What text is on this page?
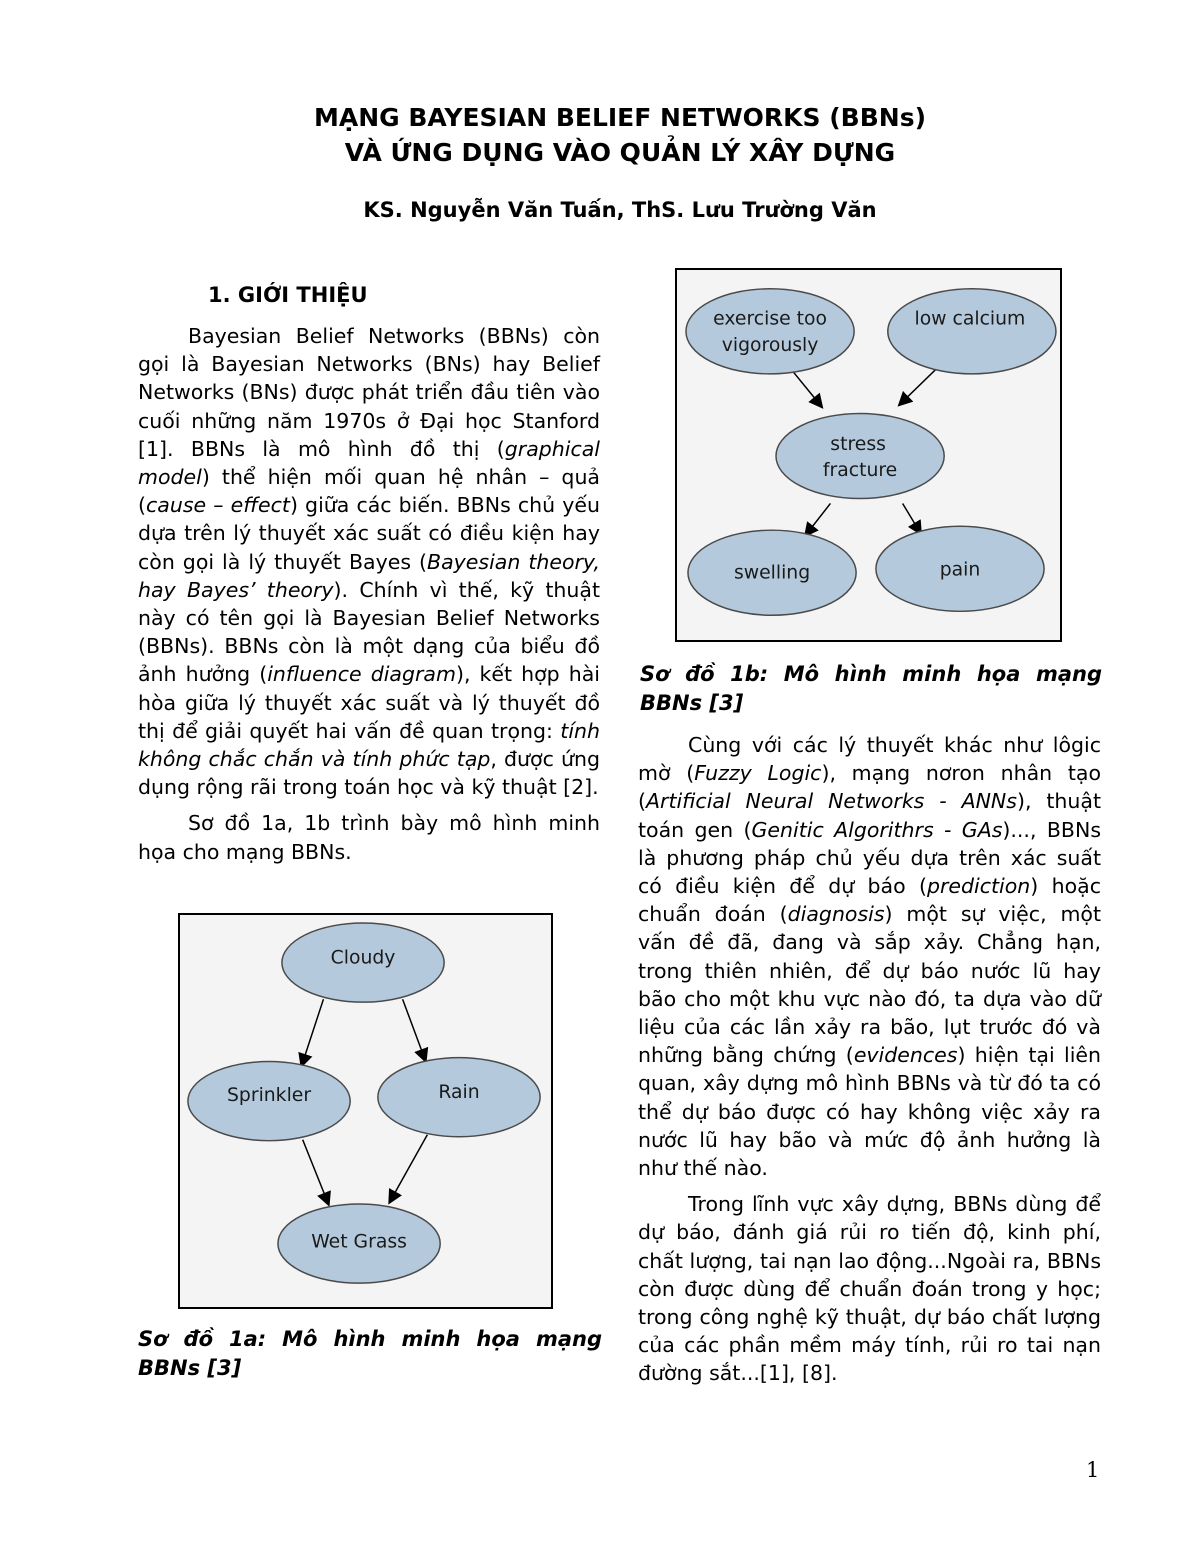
MẠNG BAYESIAN BELIEF NETWORKS (BBNs)
VÀ ỨNG DỤNG VÀO QUẢN LÝ XÂY DỰNG
KS. Nguyễn Văn Tuấn, ThS. Lưu Trường Văn
1. GIỚI THIỆU

Bayesian Belief Networks (BBNs) còn gọi là Bayesian Networks (BNs) hay Belief Networks (BNs) được phát triển đầu tiên vào cuối những năm 1970s ở Đại học Stanford [1]. BBNs là mô hình đồ thị (graphical model) thể hiện mối quan hệ nhân – quả (cause – effect) giữa các biến. BBNs chủ yếu dựa trên lý thuyết xác suất có điều kiện hay còn gọi là lý thuyết Bayes (Bayesian theory, hay Bayes’ theory). Chính vì thế, kỹ thuật này có tên gọi là Bayesian Belief Networks (BBNs). BBNs còn là một dạng của biểu đồ ảnh hưởng (influence diagram), kết hợp hài hòa giữa lý thuyết xác suất và lý thuyết đồ thị để giải quyết hai vấn đề quan trọng: tính không chắc chắn và tính phức tạp, được ứng dụng rộng rãi trong toán học và kỹ thuật [2].

Sơ đồ 1a, 1b trình bày mô hình minh họa cho mạng BBNs.

Cloudy
Sprinkler	Rain
Wet Grass
Sơ đồ 1a: Mô hình minh họa mạng BBNs [3]
exercise too
vigorously
low calcium
stress
fracture
swelling	pain
Sơ đồ 1b: Mô hình minh họa mạng BBNs [3]

Cùng với các lý thuyết khác như lôgic mờ (Fuzzy Logic), mạng nơron nhân tạo (Artificial Neural Networks - ANNs), thuật toán gen (Genitic Algorithrs - GAs)..., BBNs là phương pháp chủ yếu dựa trên xác suất có điều kiện để dự báo (prediction) hoặc chuẩn đoán (diagnosis) một sự việc, một vấn đề đã, đang và sắp xảy. Chẳng hạn, trong thiên nhiên, để dự báo nước lũ hay bão cho một khu vực nào đó, ta dựa vào dữ liệu của các lần xảy ra bão, lụt trước đó và những bằng chứng (evidences) hiện tại liên quan, xây dựng mô hình BBNs và từ đó ta có thể dự báo được có hay không việc xảy ra nước lũ hay bão và mức độ ảnh hưởng là như thế nào.

Trong lĩnh vực xây dựng, BBNs dùng để dự báo, đánh giá rủi ro tiến độ, kinh phí, chất lượng, tai nạn lao động...Ngoài ra, BBNs còn được dùng để chuẩn đoán trong y học; trong công nghệ kỹ thuật, dự báo chất lượng của các phần mềm máy tính, rủi ro tai nạn đường sắt...[1], [8].

1
